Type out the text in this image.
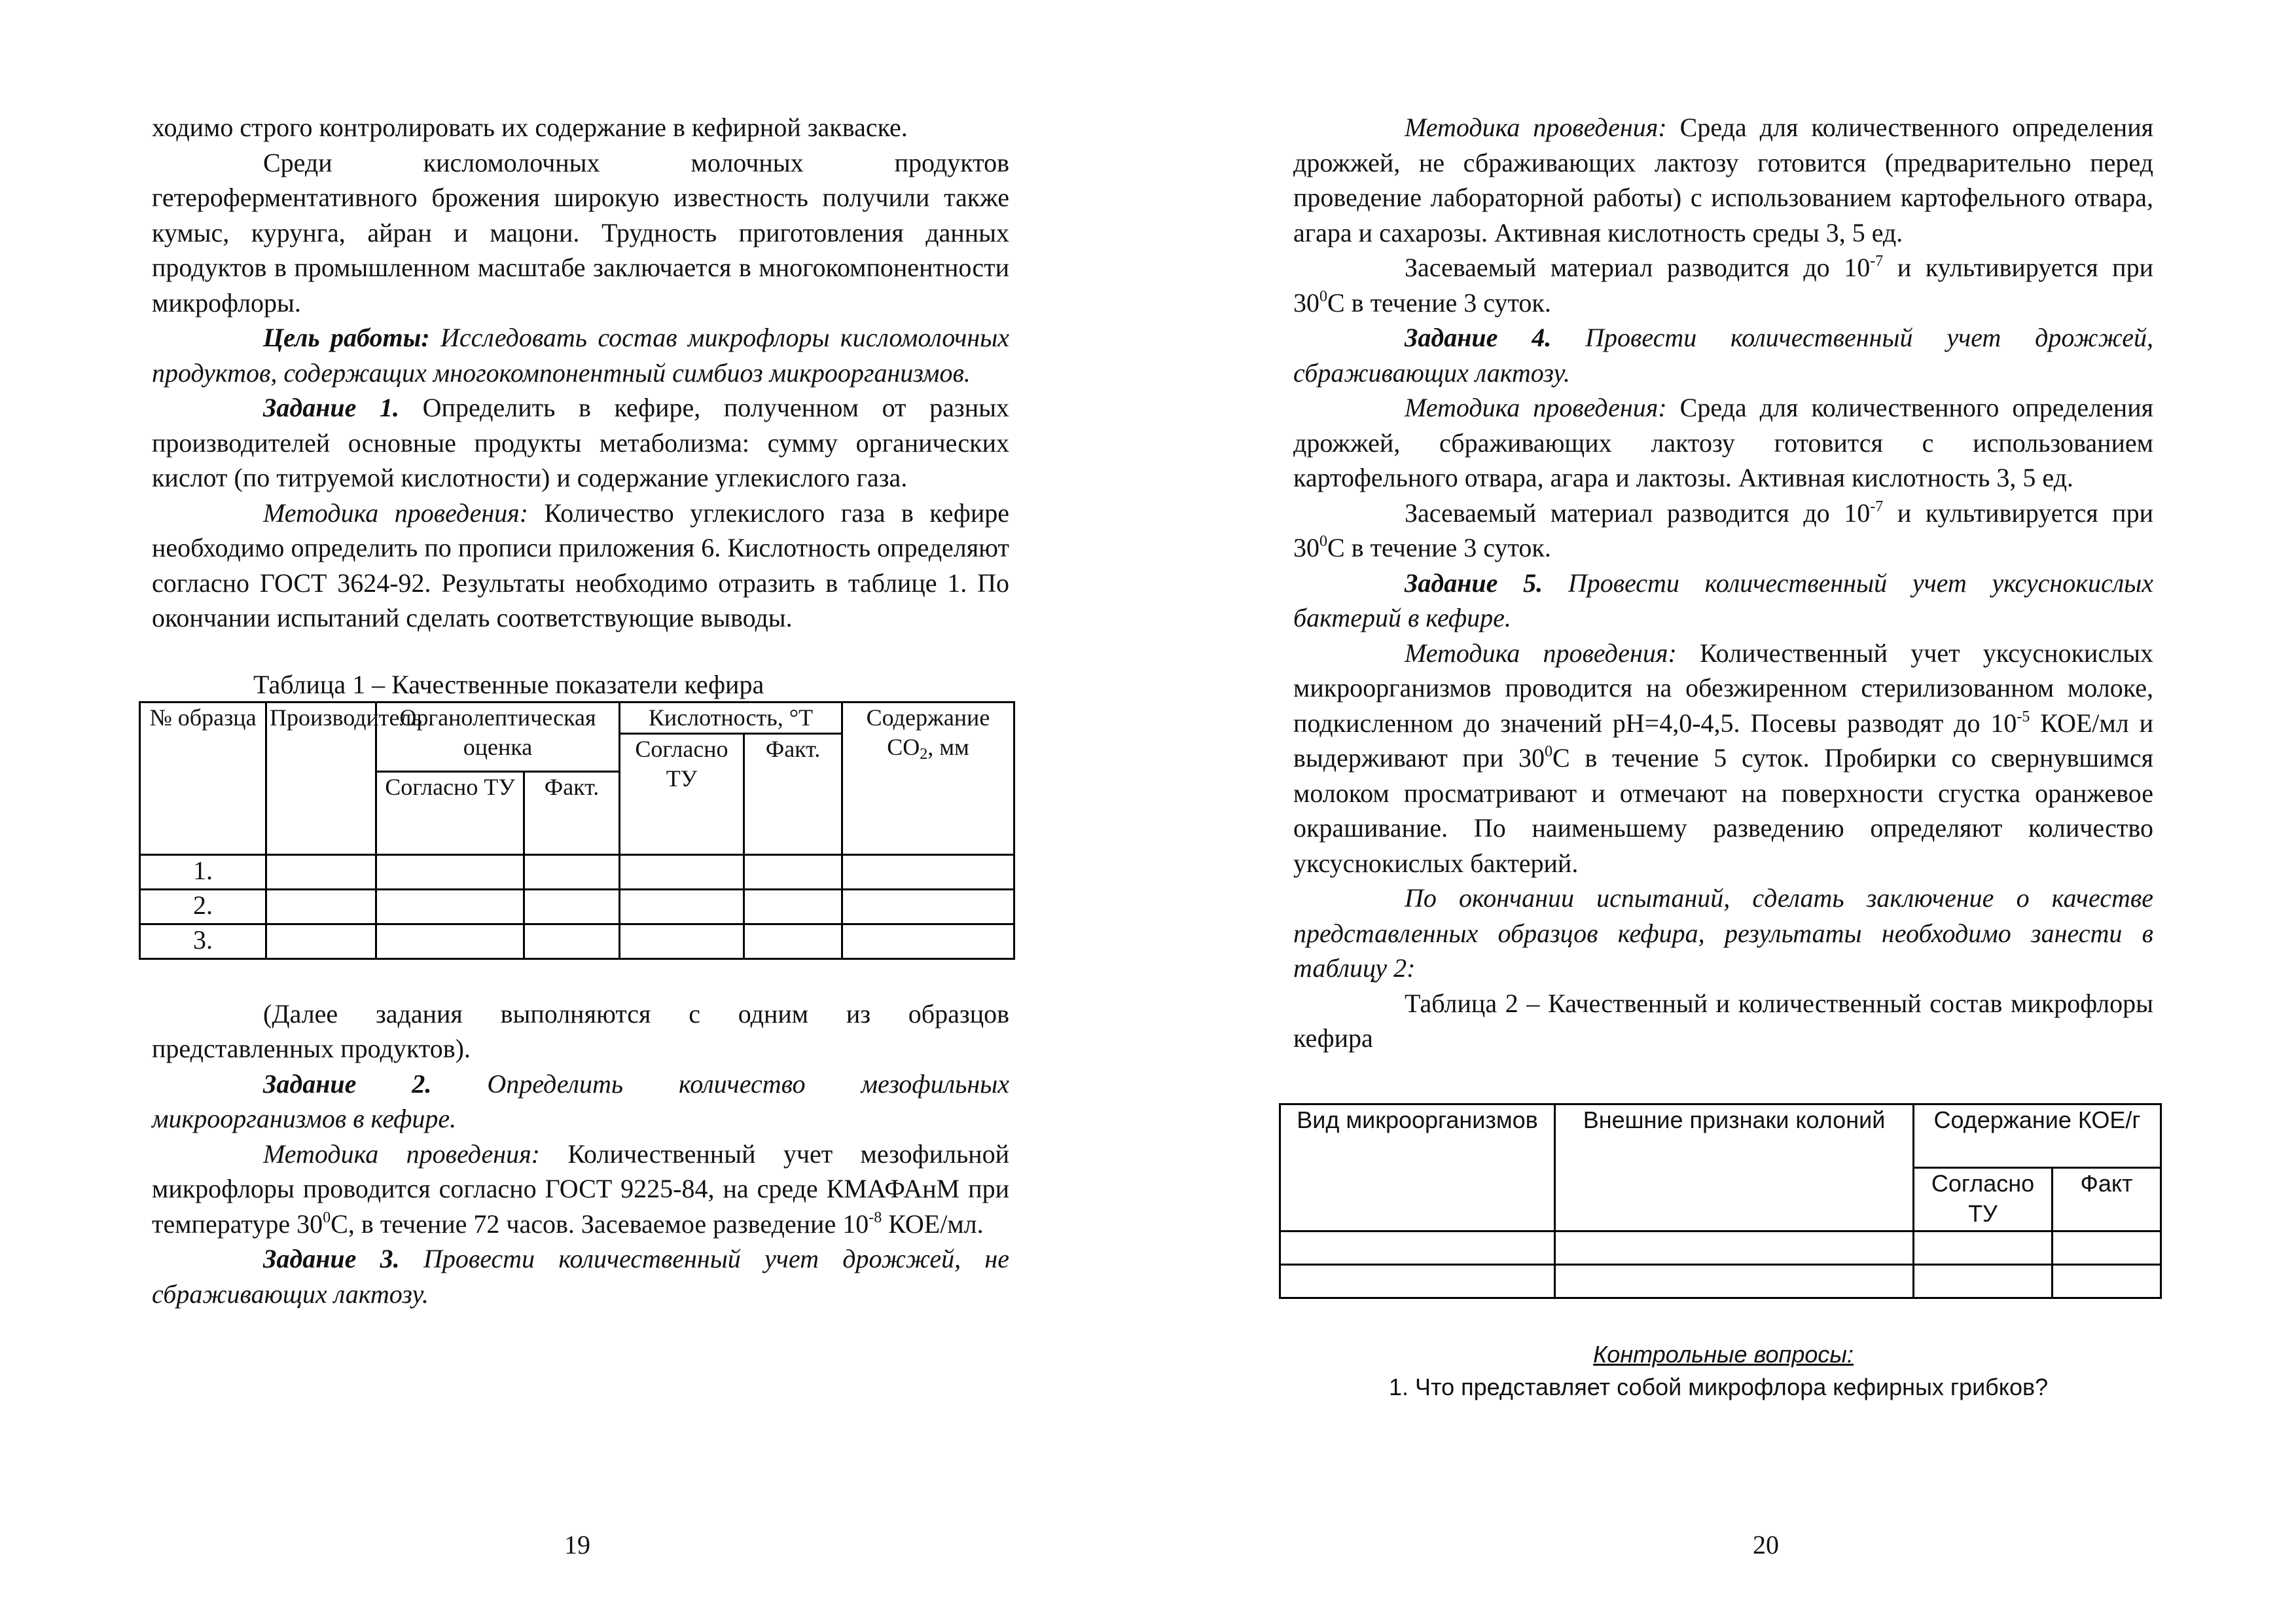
ходимо строго контролировать их содержание в кефирной закваске.

Среди кисломолочных молочных продуктов гетероферментативного брожения широкую известность получили также кумыс, курунга, айран и мацони. Трудность приготовления данных продуктов в промышленном масштабе заключается в многокомпонентности микрофлоры.

Цель работы: Исследовать состав микрофлоры кисломолочных продуктов, содержащих многокомпонентный симбиоз микроорганизмов.

Задание 1. Определить в кефире, полученном от разных производителей основные продукты метаболизма: сумму органических кислот (по титруемой кислотности) и содержание углекислого газа.

Методика проведения: Количество углекислого газа в кефире необходимо определить по прописи приложения 6. Кислотность определяют согласно ГОСТ 3624-92. Результаты необходимо отразить в таблице 1. По окончании испытаний сделать соответствующие выводы.

Таблица 1 – Качественные показатели кефира

№ образца	Производитель	Органолептическая оценка		Кислотность, °Т		Содержание $СО_2$, мм
				Согласно ТУ	Факт.	
		Согласно ТУ	Факт.			
1.						
2.						
3.						

(Далее задания выполняются с одним из образцов представленных продуктов).

Задание 2. Определить количество мезофильных микроорганизмов в кефире.

Методика проведения: Количественный учет мезофильной микрофлоры проводится согласно ГОСТ 9225-84, на среде КМАФАнМ при температуре $30^0С$, в течение 72 часов. Засеваемое разведение $10^{-8}$ КОЕ/мл.

Задание 3. Провести количественный учет дрожжей, не сбраживающих лактозу.

19

Методика проведения: Среда для количественного определения дрожжей, не сбраживающих лактозу готовится (предварительно перед проведение лабораторной работы) с использованием картофельного отвара, агара и сахарозы. Активная кислотность среды 3, 5 ед.

Засеваемый материал разводится до $10^{-7}$ и культивируется при $30^0С$ в течение 3 суток.

Задание 4. Провести количественный учет дрожжей, сбраживающих лактозу.

Методика проведения: Среда для количественного определения дрожжей, сбраживающих лактозу готовится с использованием картофельного отвара, агара и лактозы. Активная кислотность 3, 5 ед.

Засеваемый материал разводится до $10^{-7}$ и культивируется при $30^0С$ в течение 3 суток.

Задание 5. Провести количественный учет уксуснокислых бактерий в кефире.

Методика проведения: Количественный учет уксуснокислых микроорганизмов проводится на обезжиренном стерилизованном молоке, подкисленном до значений pH=4,0-4,5. Посевы разводят до $10^{-5}$ КОЕ/мл и выдерживают при $30^0С$ в течение 5 суток. Пробирки со свернувшимся молоком просматривают и отмечают на поверхности сгустка оранжевое окрашивание. По наименьшему разведению определяют количество уксуснокислых бактерий.

По окончании испытаний, сделать заключение о качестве представленных образцов кефира, результаты необходимо занести в таблицу 2:

Таблица 2 – Качественный и количественный состав микрофлоры кефира

Вид микроорганизмов	Внешние признаки колоний	Содержание КОЕ/г	
		Согласно ТУ	Факт

Контрольные вопросы:

1. Что представляет собой микрофлора кефирных грибков?

20
